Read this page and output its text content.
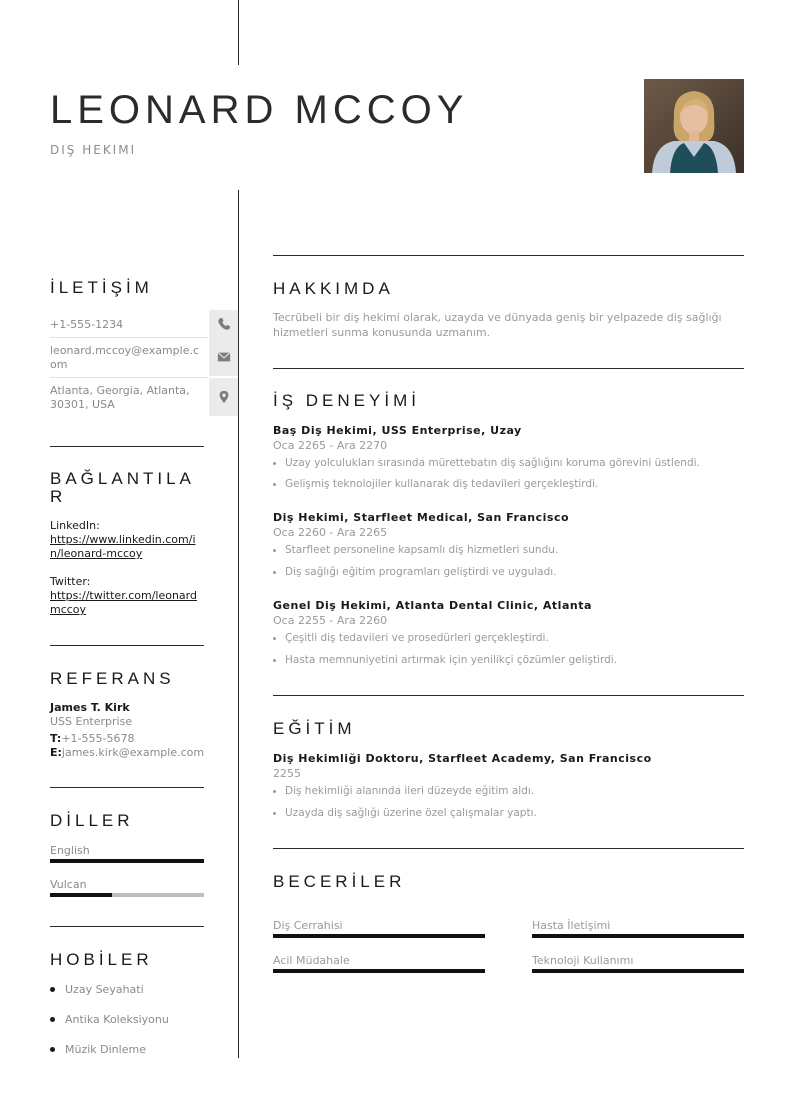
LEONARD MCCOY
DIŞ HEKIMI
İLETİŞİM
+1-555-1234
leonard.mccoy@example.com
Atlanta, Georgia, Atlanta, 30301, USA
BAĞLANTILAR
LinkedIn:
https://www.linkedin.com/in/leonard-mccoy
Twitter:
https://twitter.com/leonardmccoy
REFERANS
James T. Kirk
USS Enterprise
T:+1-555-5678
E:james.kirk@example.com
DİLLER
English
Vulcan
HOBİLER
Uzay Seyahati
Antika Koleksiyonu
Müzik Dinleme
HAKKIMDA
Tecrübeli bir diş hekimi olarak, uzayda ve dünyada geniş bir yelpazede diş sağlığı hizmetleri sunma konusunda uzmanım.
İŞ DENEYİMİ
Baş Diş Hekimi, USS Enterprise, Uzay
Oca 2265 - Ara 2270
Uzay yolculukları sırasında mürettebatın diş sağlığını koruma görevini üstlendi.
Gelişmiş teknolojiler kullanarak diş tedavileri gerçekleştirdi.
Diş Hekimi, Starfleet Medical, San Francisco
Oca 2260 - Ara 2265
Starfleet personeline kapsamlı diş hizmetleri sundu.
Diş sağlığı eğitim programları geliştirdi ve uyguladı.
Genel Diş Hekimi, Atlanta Dental Clinic, Atlanta
Oca 2255 - Ara 2260
Çeşitli diş tedavileri ve prosedürleri gerçekleştirdi.
Hasta memnuniyetini artırmak için yenilikçi çözümler geliştirdi.
EĞİTİM
Diş Hekimliği Doktoru, Starfleet Academy, San Francisco
2255
Diş hekimliği alanında ileri düzeyde eğitim aldı.
Uzayda diş sağlığı üzerine özel çalışmalar yaptı.
BECERİLER
Diş Cerrahisi	Hasta İletişimi
Acil Müdahale	Teknoloji Kullanımı
